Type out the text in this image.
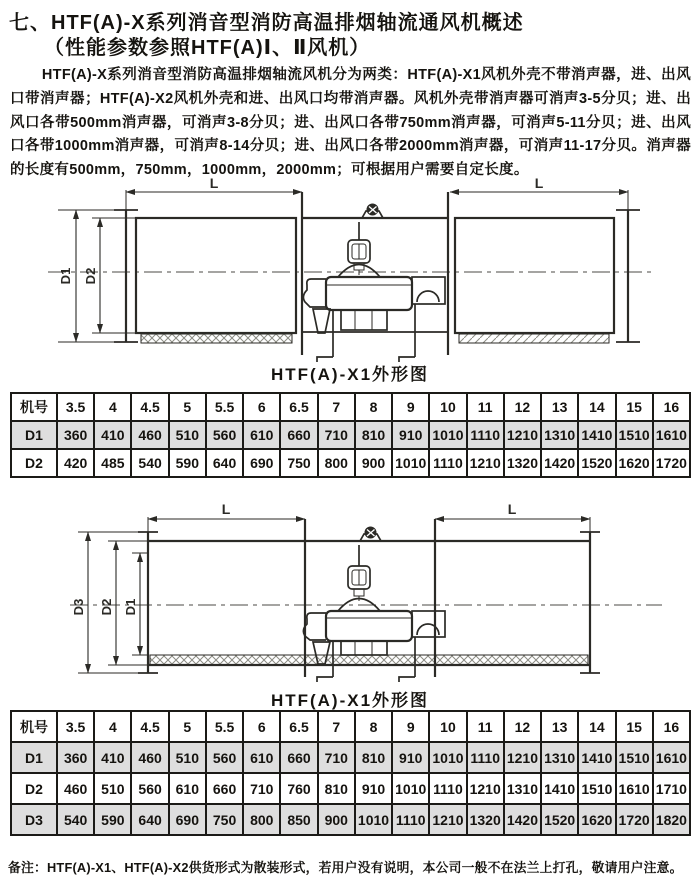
七、HTF(A)-X系列消音型消防高温排烟轴流通风机概述
（性能参数参照HTF(A)Ⅰ、Ⅱ风机）
HTF(A)-X系列消音型消防高温排烟轴流风机分为两类：HTF(A)-X1风机外壳不带消声器，进、出风口带消声器；HTF(A)-X2风机外壳和进、出风口均带消声器。风机外壳带消声器可消声3-5分贝；进、出风口各带500mm消声器，可消声3-8分贝；进、出风口各带750mm消声器，可消声5-11分贝；进、出风口各带1000mm消声器，可消声8-14分贝；进、出风口各带2000mm消声器，可消声11-17分贝。消声器的长度有500mm，750mm，1000mm，2000mm；可根据用户需要自定长度。
L	L
D1 D2
HTF(A)-X1外形图
机号	3.5	4	4.5	5	5.5	6	6.5	7	8	9	10	11	12	13	14	15	16
D1	360	410	460	510	560	610	660	710	810	910	1010	1110	1210	1310	1410	1510	1610
D2	420	485	540	590	640	690	750	800	900	1010	1110	1210	1320	1420	1520	1620	1720
L	L
D3 D2 D1
HTF(A)-X1外形图
机号	3.5	4	4.5	5	5.5	6	6.5	7	8	9	10	11	12	13	14	15	16
D1	360	410	460	510	560	610	660	710	810	910	1010	1110	1210	1310	1410	1510	1610
D2	460	510	560	610	660	710	760	810	910	1010	1110	1210	1310	1410	1510	1610	1710
D3	540	590	640	690	750	800	850	900	1010	1110	1210	1320	1420	1520	1620	1720	1820
备注：HTF(A)-X1、HTF(A)-X2供货形式为散装形式，若用户没有说明，本公司一般不在法兰上打孔，敬请用户注意。
